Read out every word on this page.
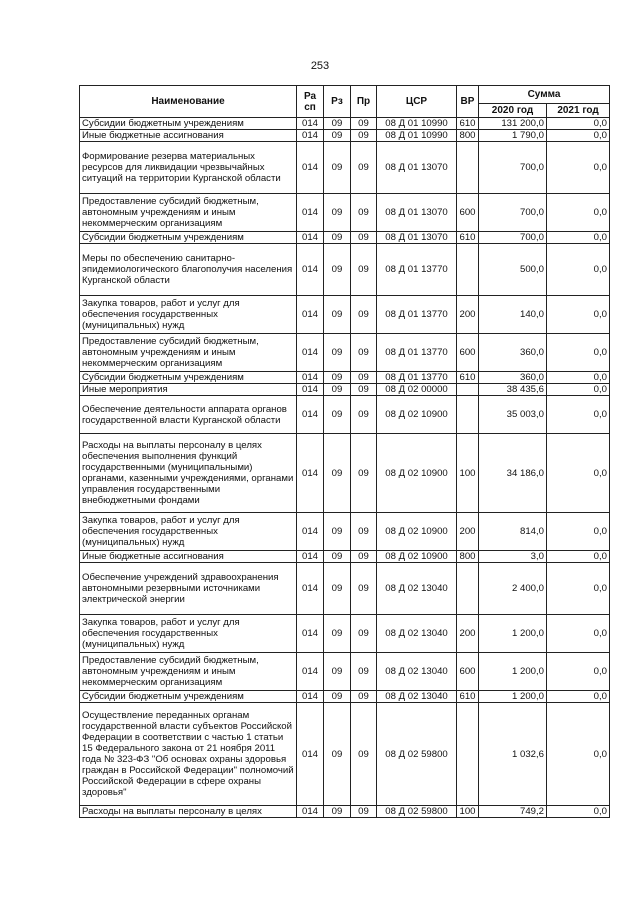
253
Наименование	Ра сп	Рз	Пр	ЦСР	ВР	Сумма	
						2020 год	2021 год
Субсидии бюджетным учреждениям	014	09	09	08 Д 01 10990	610	131 200,0	0,0
Иные бюджетные ассигнования	014	09	09	08 Д 01 10990	800	1 790,0	0,0
Формирование резерва материальных ресурсов для ликвидации чрезвычайных ситуаций на территории Курганской области	014	09	09	08 Д 01 13070		700,0	0,0
Предоставление субсидий бюджетным, автономным учреждениям и иным некоммерческим организациям	014	09	09	08 Д 01 13070	600	700,0	0,0
Субсидии бюджетным учреждениям	014	09	09	08 Д 01 13070	610	700,0	0,0
Меры по обеспечению санитарно-эпидемиологического благополучия населения Курганской области	014	09	09	08 Д 01 13770		500,0	0,0
Закупка товаров, работ и услуг для обеспечения государственных (муниципальных) нужд	014	09	09	08 Д 01 13770	200	140,0	0,0
Предоставление субсидий бюджетным, автономным учреждениям и иным некоммерческим организациям	014	09	09	08 Д 01 13770	600	360,0	0,0
Субсидии бюджетным учреждениям	014	09	09	08 Д 01 13770	610	360,0	0,0
Иные мероприятия	014	09	09	08 Д 02 00000		38 435,6	0,0
Обеспечение деятельности аппарата органов государственной власти Курганской области	014	09	09	08 Д 02 10900		35 003,0	0,0
Расходы на выплаты персоналу в целях обеспечения выполнения функций государственными (муниципальными) органами, казенными учреждениями, органами управления государственными внебюджетными фондами	014	09	09	08 Д 02 10900	100	34 186,0	0,0
Закупка товаров, работ и услуг для обеспечения государственных (муниципальных) нужд	014	09	09	08 Д 02 10900	200	814,0	0,0
Иные бюджетные ассигнования	014	09	09	08 Д 02 10900	800	3,0	0,0
Обеспечение учреждений здравоохранения автономными резервными источниками электрической энергии	014	09	09	08 Д 02 13040		2 400,0	0,0
Закупка товаров, работ и услуг для обеспечения государственных (муниципальных) нужд	014	09	09	08 Д 02 13040	200	1 200,0	0,0
Предоставление субсидий бюджетным, автономным учреждениям и иным некоммерческим организациям	014	09	09	08 Д 02 13040	600	1 200,0	0,0
Субсидии бюджетным учреждениям	014	09	09	08 Д 02 13040	610	1 200,0	0,0
Осуществление переданных органам государственной власти субъектов Российской Федерации в соответствии с частью 1 статьи 15 Федерального закона от 21 ноября 2011 года № 323-ФЗ "Об основах охраны здоровья граждан в Российской Федерации" полномочий Российской Федерации в сфере охраны здоровья"	014	09	09	08 Д 02 59800		1 032,6	0,0
Расходы на выплаты персоналу в целях	014	09	09	08 Д 02 59800	100	749,2	0,0
